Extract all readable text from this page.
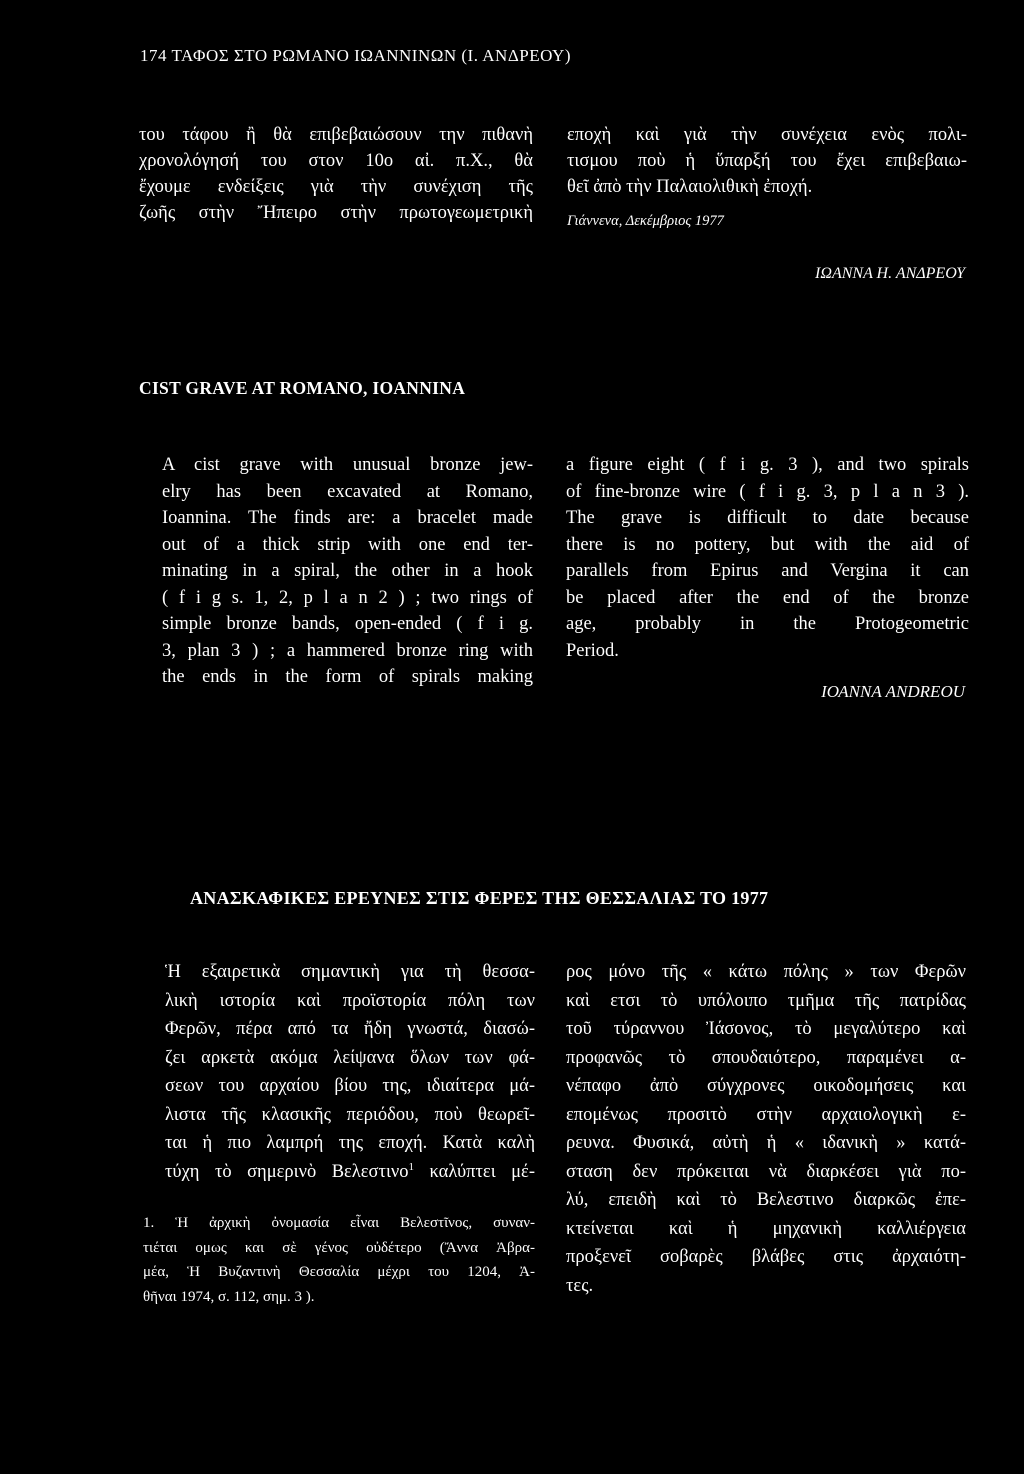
174 ΤΑΦΟΣ ΣΤΟ ΡΩΜΑΝΟ ΙΩΑΝΝΙΝΩΝ (Ι. ΑΝΔΡΕΟΥ)
του τάφου ἢ θὰ επιβεβαιώσουν την πιθανὴ
χρονολόγησή του στον 10ο αἰ. π.Χ., θὰ
ἔχουμε ενδείξεις γιὰ τὴν συνέχιση τῆς
ζωῆς στὴν Ἤπειρο στὴν πρωτογεωμετρικὴ
εποχὴ καὶ γιὰ τὴν συνέχεια ενὸς πολι-
τισμου ποὺ ἡ ὕπαρξή του ἔχει επιβεβαιω-
θεῖ ἀπὸ τὴν Παλαιολιθικὴ ἐποχή.
Γιάννενα, Δεκέμβριος 1977
ΙΩΑΝΝΑ Η. ΑΝΔΡΕΟΥ
CIST GRAVE AT ROMANO, IOANNINA
A cist grave with unusual bronze jew-
elry has been excavated at Romano,
Ioannina. The finds are: a bracelet made
out of a thick strip with one end ter-
minating in a spiral, the other in a hook
( f i g s. 1, 2, p l a n 2 ) ; two rings of
simple bronze bands, open-ended ( f i g.
3, plan 3 ) ; a hammered bronze ring with
the ends in the form of spirals making
a figure eight ( f i g. 3 ), and two spirals
of fine-bronze wire ( f i g. 3, p l a n 3 ).
The grave is difficult to date because
there is no pottery, but with the aid of
parallels from Epirus and Vergina it can
be placed after the end of the bronze
age, probably in the Protogeometric
Period.
ΙΟΑΝΝΑ ANDREOU
ΑΝΑΣΚΑΦΙΚΕΣ ΕΡΕΥΝΕΣ ΣΤΙΣ ΦΕΡΕΣ ΤΗΣ ΘΕΣΣΑΛΙΑΣ ΤΟ 1977
Ἡ εξαιρετικὰ σημαντικὴ για τὴ θεσσα-
λικὴ ιστορία καὶ προϊστορία πόλη των
Φερῶν, πέρα από τα ἤδη γνωστά, διασώ-
ζει αρκετὰ ακόμα λείψανα ὅλων των φά-
σεων του αρχαίου βίου της, ιδιαίτερα μά-
λιστα τῆς κλασικῆς περιόδου, ποὺ θεωρεῖ-
ται ἡ πιο λαμπρή της εποχή. Κατὰ καλὴ
τύχη τὸ σημερινὸ Βελεστινο$^1$ καλύπτει μέ-
1. Ἡ ἀρχικὴ ὀνομασία εἶναι Βελεστῖνος, συναν-
τιέται ομως και σὲ γένος οὐδέτερο (Ἄννα Ἀβρα-
μέα, Ἡ Βυζαντινὴ Θεσσαλία μέχρι του 1204, Ἀ-
θῆναι 1974, σ. 112, σημ. 3 ).
ρος μόνο τῆς « κάτω πόλης » των Φερῶν
καὶ ετσι τὸ υπόλοιπο τμῆμα τῆς πατρίδας
τοῦ τύραννου Ἰάσονος, τὸ μεγαλύτερο καὶ
προφανῶς τὸ σπουδαιότερο, παραμένει α-
νέπαφο ἀπὸ σύγχρονες οικοδομήσεις και
επομένως προσιτὸ στὴν αρχαιολογικὴ ε-
ρευνα. Φυσικά, αὐτὴ ἡ « ιδανικὴ » κατά-
σταση δεν πρόκειται νὰ διαρκέσει γιὰ πο-
λύ, επειδὴ καὶ τὸ Βελεστινο διαρκῶς ἐπε-
κτείνεται καὶ ἡ μηχανικὴ καλλιέργεια
προξενεῖ σοβαρὲς βλάβες στις ἀρχαιότη-
τες.
